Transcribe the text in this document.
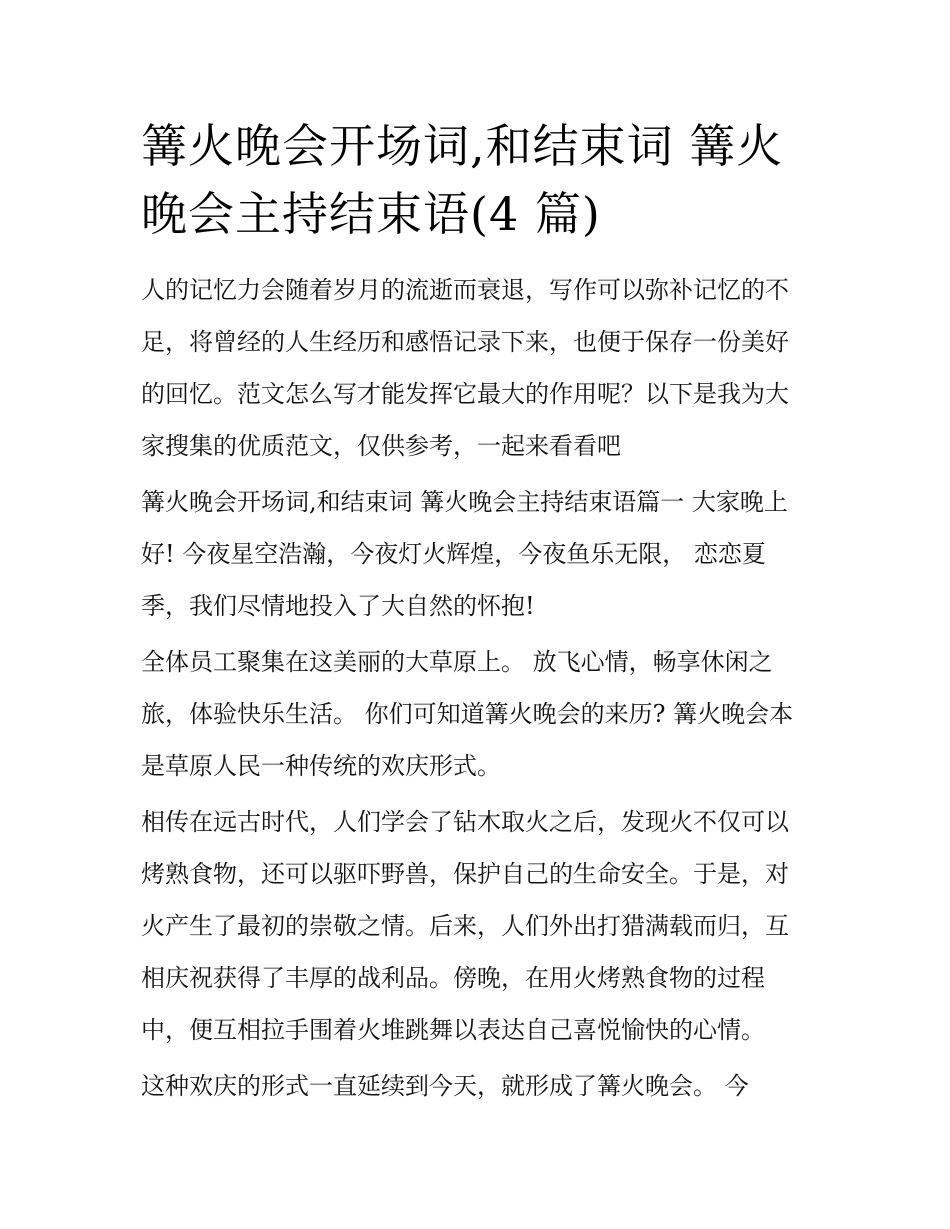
篝火晚会开场词,和结束词 篝火
晚会主持结束语(4 篇)

人的记忆力会随着岁月的流逝而衰退，写作可以弥补记忆的不
足，将曾经的人生经历和感悟记录下来，也便于保存一份美好
的回忆。范文怎么写才能发挥它最大的作用呢？以下是我为大
家搜集的优质范文，仅供参考，一起来看看吧

篝火晚会开场词,和结束词 篝火晚会主持结束语篇一 大家晚上
好! 今夜星空浩瀚，今夜灯火辉煌，今夜鱼乐无限， 恋恋夏
季，我们尽情地投入了大自然的怀抱!

全体员工聚集在这美丽的大草原上。 放飞心情，畅享休闲之
旅，体验快乐生活。 你们可知道篝火晚会的来历? 篝火晚会本
是草原人民一种传统的欢庆形式。

相传在远古时代，人们学会了钻木取火之后，发现火不仅可以
烤熟食物，还可以驱吓野兽，保护自己的生命安全。于是，对
火产生了最初的崇敬之情。后来，人们外出打猎满载而归，互
相庆祝获得了丰厚的战利品。傍晚，在用火烤熟食物的过程
中，便互相拉手围着火堆跳舞以表达自己喜悦愉快的心情。

这种欢庆的形式一直延续到今天，就形成了篝火晚会。 今
